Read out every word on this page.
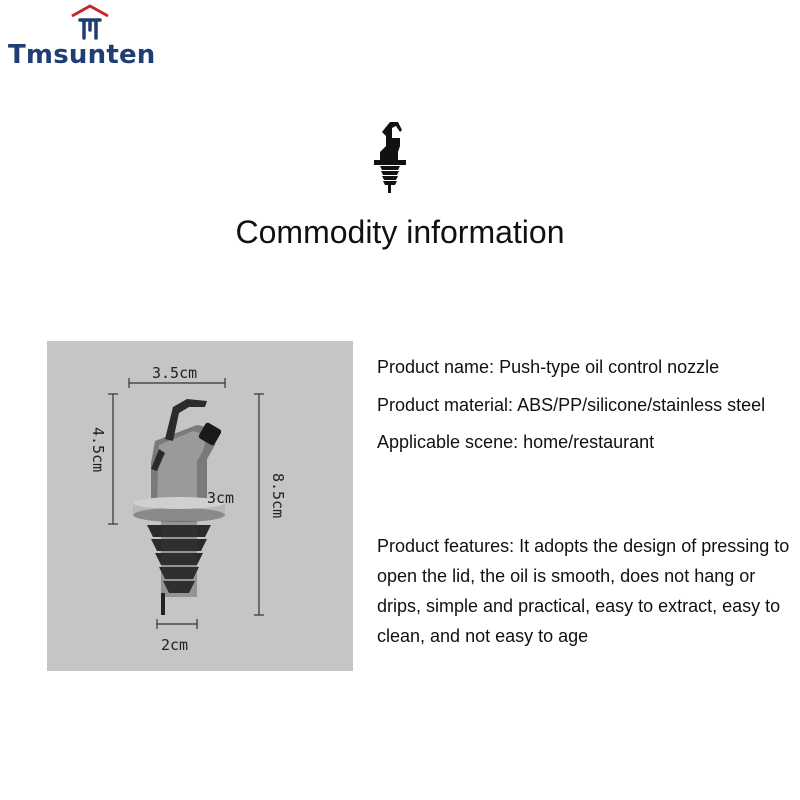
Tmsunten
Commodity information
3.5cm
4.5cm
3cm 8.5cm
2cm
Product name: Push-type oil control nozzle
Product material: ABS/PP/silicone/stainless steel
Applicable scene: home/restaurant
Product features: It adopts the design of pressing to open the lid, the oil is smooth, does not hang or drips, simple and practical, easy to extract, easy to clean, and not easy to age
